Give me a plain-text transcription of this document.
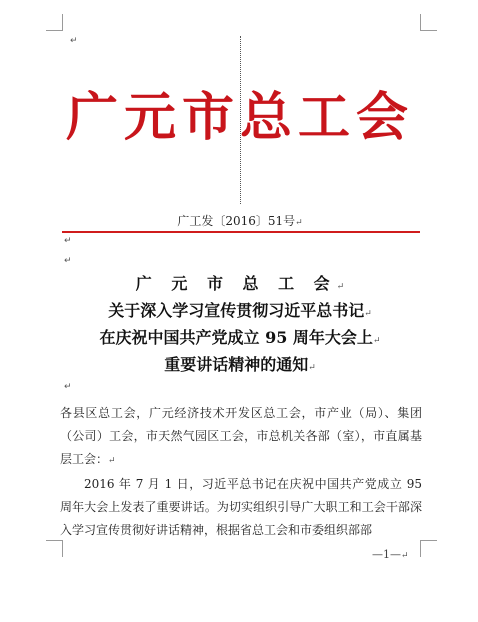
↵
↵
↵
↵
广元市总工会
广工发〔2016〕51号↵
广 元 市 总 工 会↵
关于深入学习宣传贯彻习近平总书记↵
在庆祝中国共产党成立 95 周年大会上↵
重要讲话精神的通知↵

各县区总工会，广元经济技术开发区总工会，市产业（局）、集团（公司）工会，市天然气园区工会，市总机关各部（室），市直属基层工会：↵

2016 年 7 月 1 日，习近平总书记在庆祝中国共产党成立 95 周年大会上发表了重要讲话。为切实组织引导广大职工和工会干部深入学习宣传贯彻好讲话精神，根据省总工会和市委组织部部

—1—↵
